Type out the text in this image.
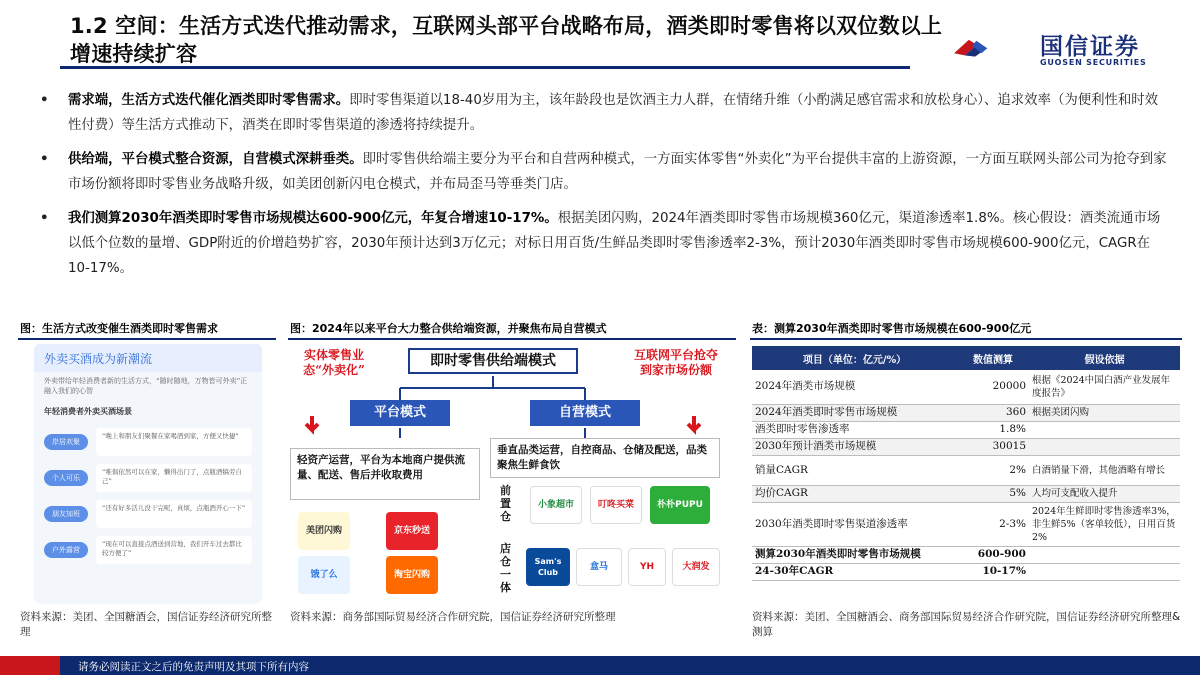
1.2 空间：生活方式迭代推动需求，互联网头部平台战略布局，酒类即时零售将以双位数以上增速持续扩容	国信证券
GUOSEN SECURITIES
• 需求端，生活方式迭代催化酒类即时零售需求。即时零售渠道以18-40岁用为主，该年龄段也是饮酒主力人群，在情绪升维（小酌满足感官需求和放松身心）、追求效率（为便利性和时效性付费）等生活方式推动下，酒类在即时零售渠道的渗透将持续提升。
• 供给端，平台模式整合资源，自营模式深耕垂类。即时零售供给端主要分为平台和自营两种模式，一方面实体零售“外卖化”为平台提供丰富的上游资源，一方面互联网头部公司为抢夺到家市场份额将即时零售业务战略升级，如美团创新闪电仓模式，并布局歪马等垂类门店。
• 我们测算2030年酒类即时零售市场规模达600-900亿元，年复合增速10-17%。根据美团闪购，2024年酒类即时零售市场规模360亿元，渠道渗透率1.8%。核心假设：酒类流通市场以低个位数的量增、GDP附近的价增趋势扩容，2030年预计达到3万亿元；对标日用百货/生鲜品类即时零售渗透率2-3%，预计2030年酒类即时零售市场规模600-900亿元，CAGR在10-17%。
图：生活方式改变催生酒类即时零售需求	图：2024年以来平台大力整合供给端资源，并聚焦布局自营模式	表：测算2030年酒类即时零售市场规模在600-900亿元
外卖买酒成为新潮流
外卖带给年轻消费者新的生活方式，“随时随地，万物皆可外卖”正融入我们的心智
年轻消费者外卖买酒场景
岸居欢聚
“晚上和朋友们聚餐在家喝酒到家，方便又快捷”
个人可乐
“唯俱依然可以在家，懒得出门了，点瓶酒犒劳自己”
朋友加班
“还有好多活儿没干完呢，真烦，点瓶酒开心一下”
户外露营
“现在可以直接点酒送到营地，我们开车过去都比较方便了”
资料来源：美团、全国糖酒会，国信证券经济研究所整理
即时零售供给端模式
实体零售业态“外卖化”
互联网平台抢夺到家市场份额
平台模式	自营模式
轻资产运营，平台为本地商户提供流量、配送、售后并收取费用
垂直品类运营，自控商品、仓储及配送，品类聚焦生鲜食饮
美团闪购	京东秒送
饿了么	淘宝闪购
前置仓
小象超市	叮咚买菜	朴朴PUPU
店仓一体
Sam's Club
盒马	YH	大润发
资料来源：商务部国际贸易经济合作研究院，国信证券经济研究所整理
项目（单位：亿元/%）	数值测算	假设依据
2024年酒类市场规模	20000	根据《2024中国白酒产业发展年度报告》
2024年酒类即时零售市场规模	360	根据美团闪购
酒类即时零售渗透率	1.8%	
2030年预计酒类市场规模	30015	
销量CAGR	2%	白酒销量下滑，其他酒略有增长
均价CAGR	5%	人均可支配收入提升
2030年酒类即时零售渠道渗透率	2-3%	2024年生鲜即时零售渗透率3%，非生鲜5%（客单较低），日用百货2%
测算2030年酒类即时零售市场规模	600-900	
24-30年CAGR	10-17%	
资料来源：美团、全国糖酒会、商务部国际贸易经济合作研究院，国信证券经济研究所整理&测算
请务必阅读正文之后的免责声明及其项下所有内容
